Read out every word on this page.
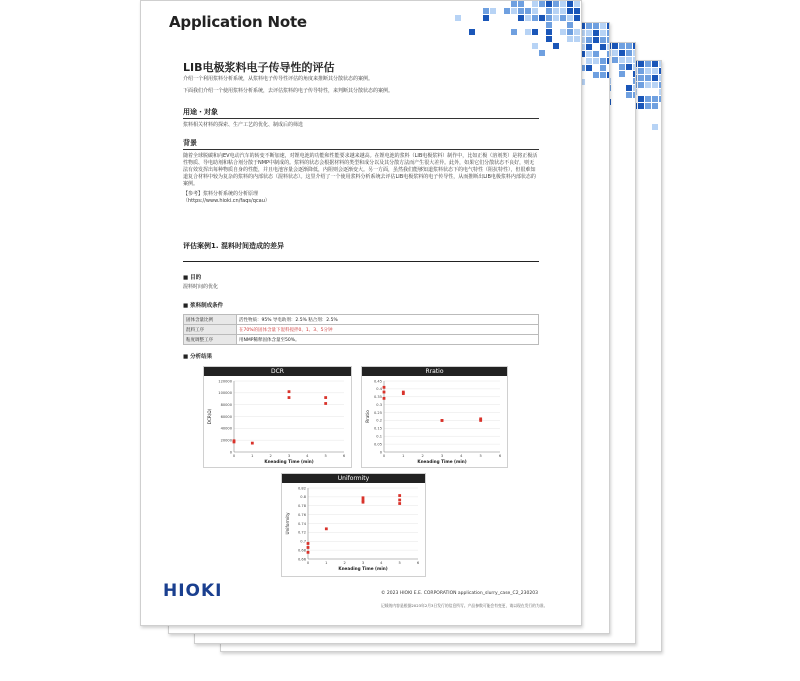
Application Note
LIB电极浆料电子传导性的评估
介绍一个利用浆料分析系统，从浆料电子传导性评估的角度来推断其分散状态的案例。
下面我们介绍一个使用浆料分析系统，去评估浆料的电子传导特性，来判断其分散状态的案例。
用途・对象
浆料相关材料的探索、生产工艺的优化、制成后的筛选
背景
随着全球脱碳和向EV电动汽车的转变不断加速，对锂电池的功能和性能要求越来越高。在锂电池的浆料（LIB电极浆料）制作中，比如正极（溶剂类）是将正极活性物质、导电助剂和粘合剂分散于NMP中制成的。浆料的状态会根据材料的类型和成分以及其分散方法而产生很大差异。此外，如果它们分散状态不良好，则无法有效发挥出每种物质自身的性能，并且电池容量会逐渐降低，内阻则会逐渐变大。另一方面，虽然我们能够知道浆料状态下的电气特性（阻抗特性），但很难知道复合材料中较为复杂的浆料的内部状态（混料状态）。这里介绍了一个使用浆料分析系统去评估LIB电极浆料的电子传导性，从而推断出LIB电极浆料内部状态的案例。
【参考】浆料分析系统的分析原理
（https://www.hioki.cn/faqs/qcau）
评估案例1. 混料时间造成的差异
■ 目的
混料时间的优化
■ 浆料制成条件
固体含量比例	活性物质：95% 导电助剂：2.5% 粘合剂：2.5%
混料工序	在70%的固体含量下混料搅拌0、1、3、5分钟
粘度调整工序	用NMP稀释固体含量至50%。
■ 分析结果
DCR
0
20000
40000
60000
80000
100000
120000
0	1	2	3	4	5	6
Kneading Time (min)
DCR(Ω)
Rratio
0
0.05
0.1
0.15
0.2
0.25
0.3
0.35
0.4
0.45
0	1	2	3	4	5	6
Kneading Time (min)
Rratio
Uniformity
0.66
0.68
0.7
0.72
0.74
0.76
0.78
0.8
0.82
0	1	2	3	4	5	6
Kneading Time (min)
Uniformity
HIOKI	© 2023 HIOKI E.E. CORPORATION application_slurry_case_C2_230203
记载的内容是根据2023年2月3日发行的信息所写。产品参数可能会有变更，请以现在发行的为准。
